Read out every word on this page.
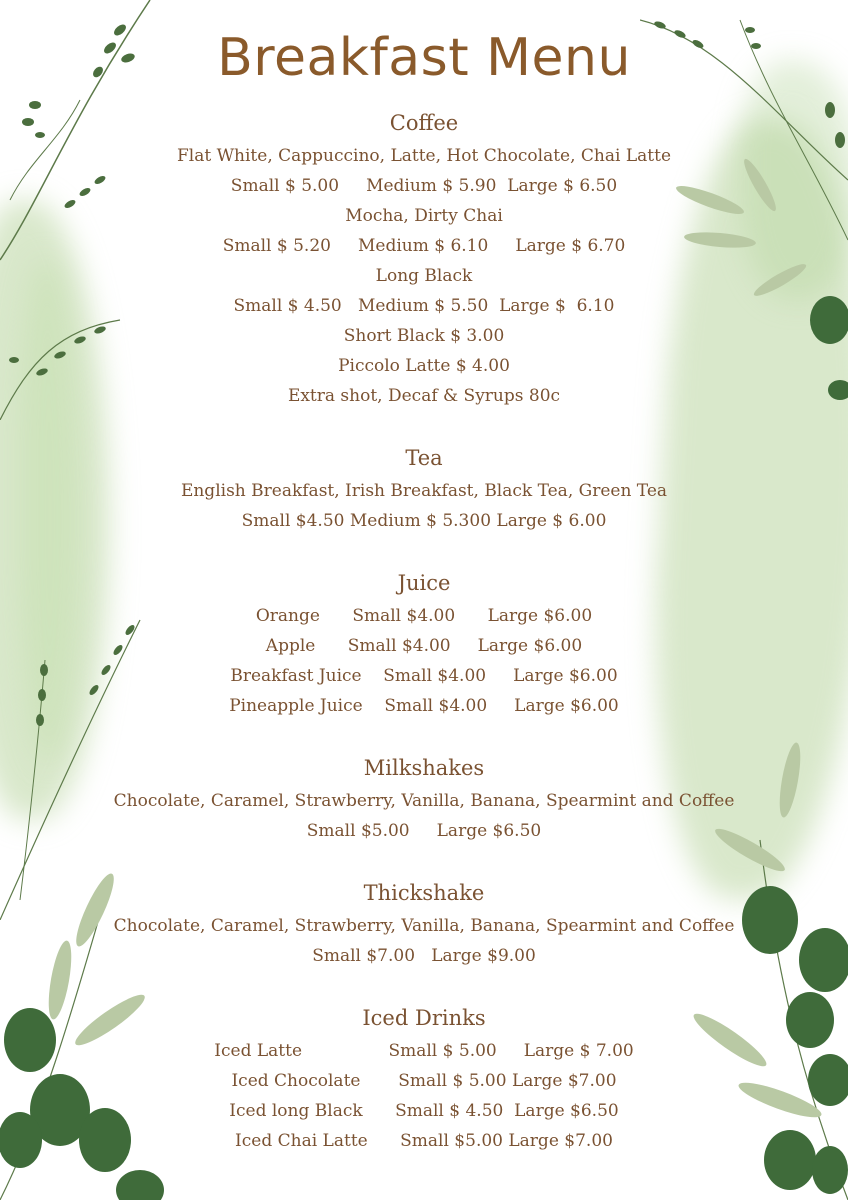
Breakfast Menu
Coffee
Flat White, Cappuccino, Latte, Hot Chocolate, Chai Latte
Small $ 5.00     Medium $ 5.90  Large $ 6.50
Mocha, Dirty Chai
Small $ 5.20     Medium $ 6.10     Large $ 6.70
Long Black
Small $ 4.50   Medium $ 5.50  Large $  6.10
Short Black $ 3.00
Piccolo Latte $ 4.00
Extra shot, Decaf & Syrups 80c
Tea
English Breakfast, Irish Breakfast, Black Tea, Green Tea
Small $4.50 Medium $ 5.300 Large $ 6.00
Juice
Orange      Small $4.00      Large $6.00
Apple      Small $4.00     Large $6.00
Breakfast Juice    Small $4.00     Large $6.00
Pineapple Juice    Small $4.00     Large $6.00
Milkshakes
Chocolate, Caramel, Strawberry, Vanilla, Banana, Spearmint and Coffee
Small $5.00     Large $6.50
Thickshake
Chocolate, Caramel, Strawberry, Vanilla, Banana, Spearmint and Coffee
Small $7.00   Large $9.00
Iced Drinks
Iced Latte                Small $ 5.00     Large $ 7.00
Iced Chocolate       Small $ 5.00 Large $7.00
Iced long Black      Small $ 4.50  Large $6.50
Iced Chai Latte      Small $5.00 Large $7.00
